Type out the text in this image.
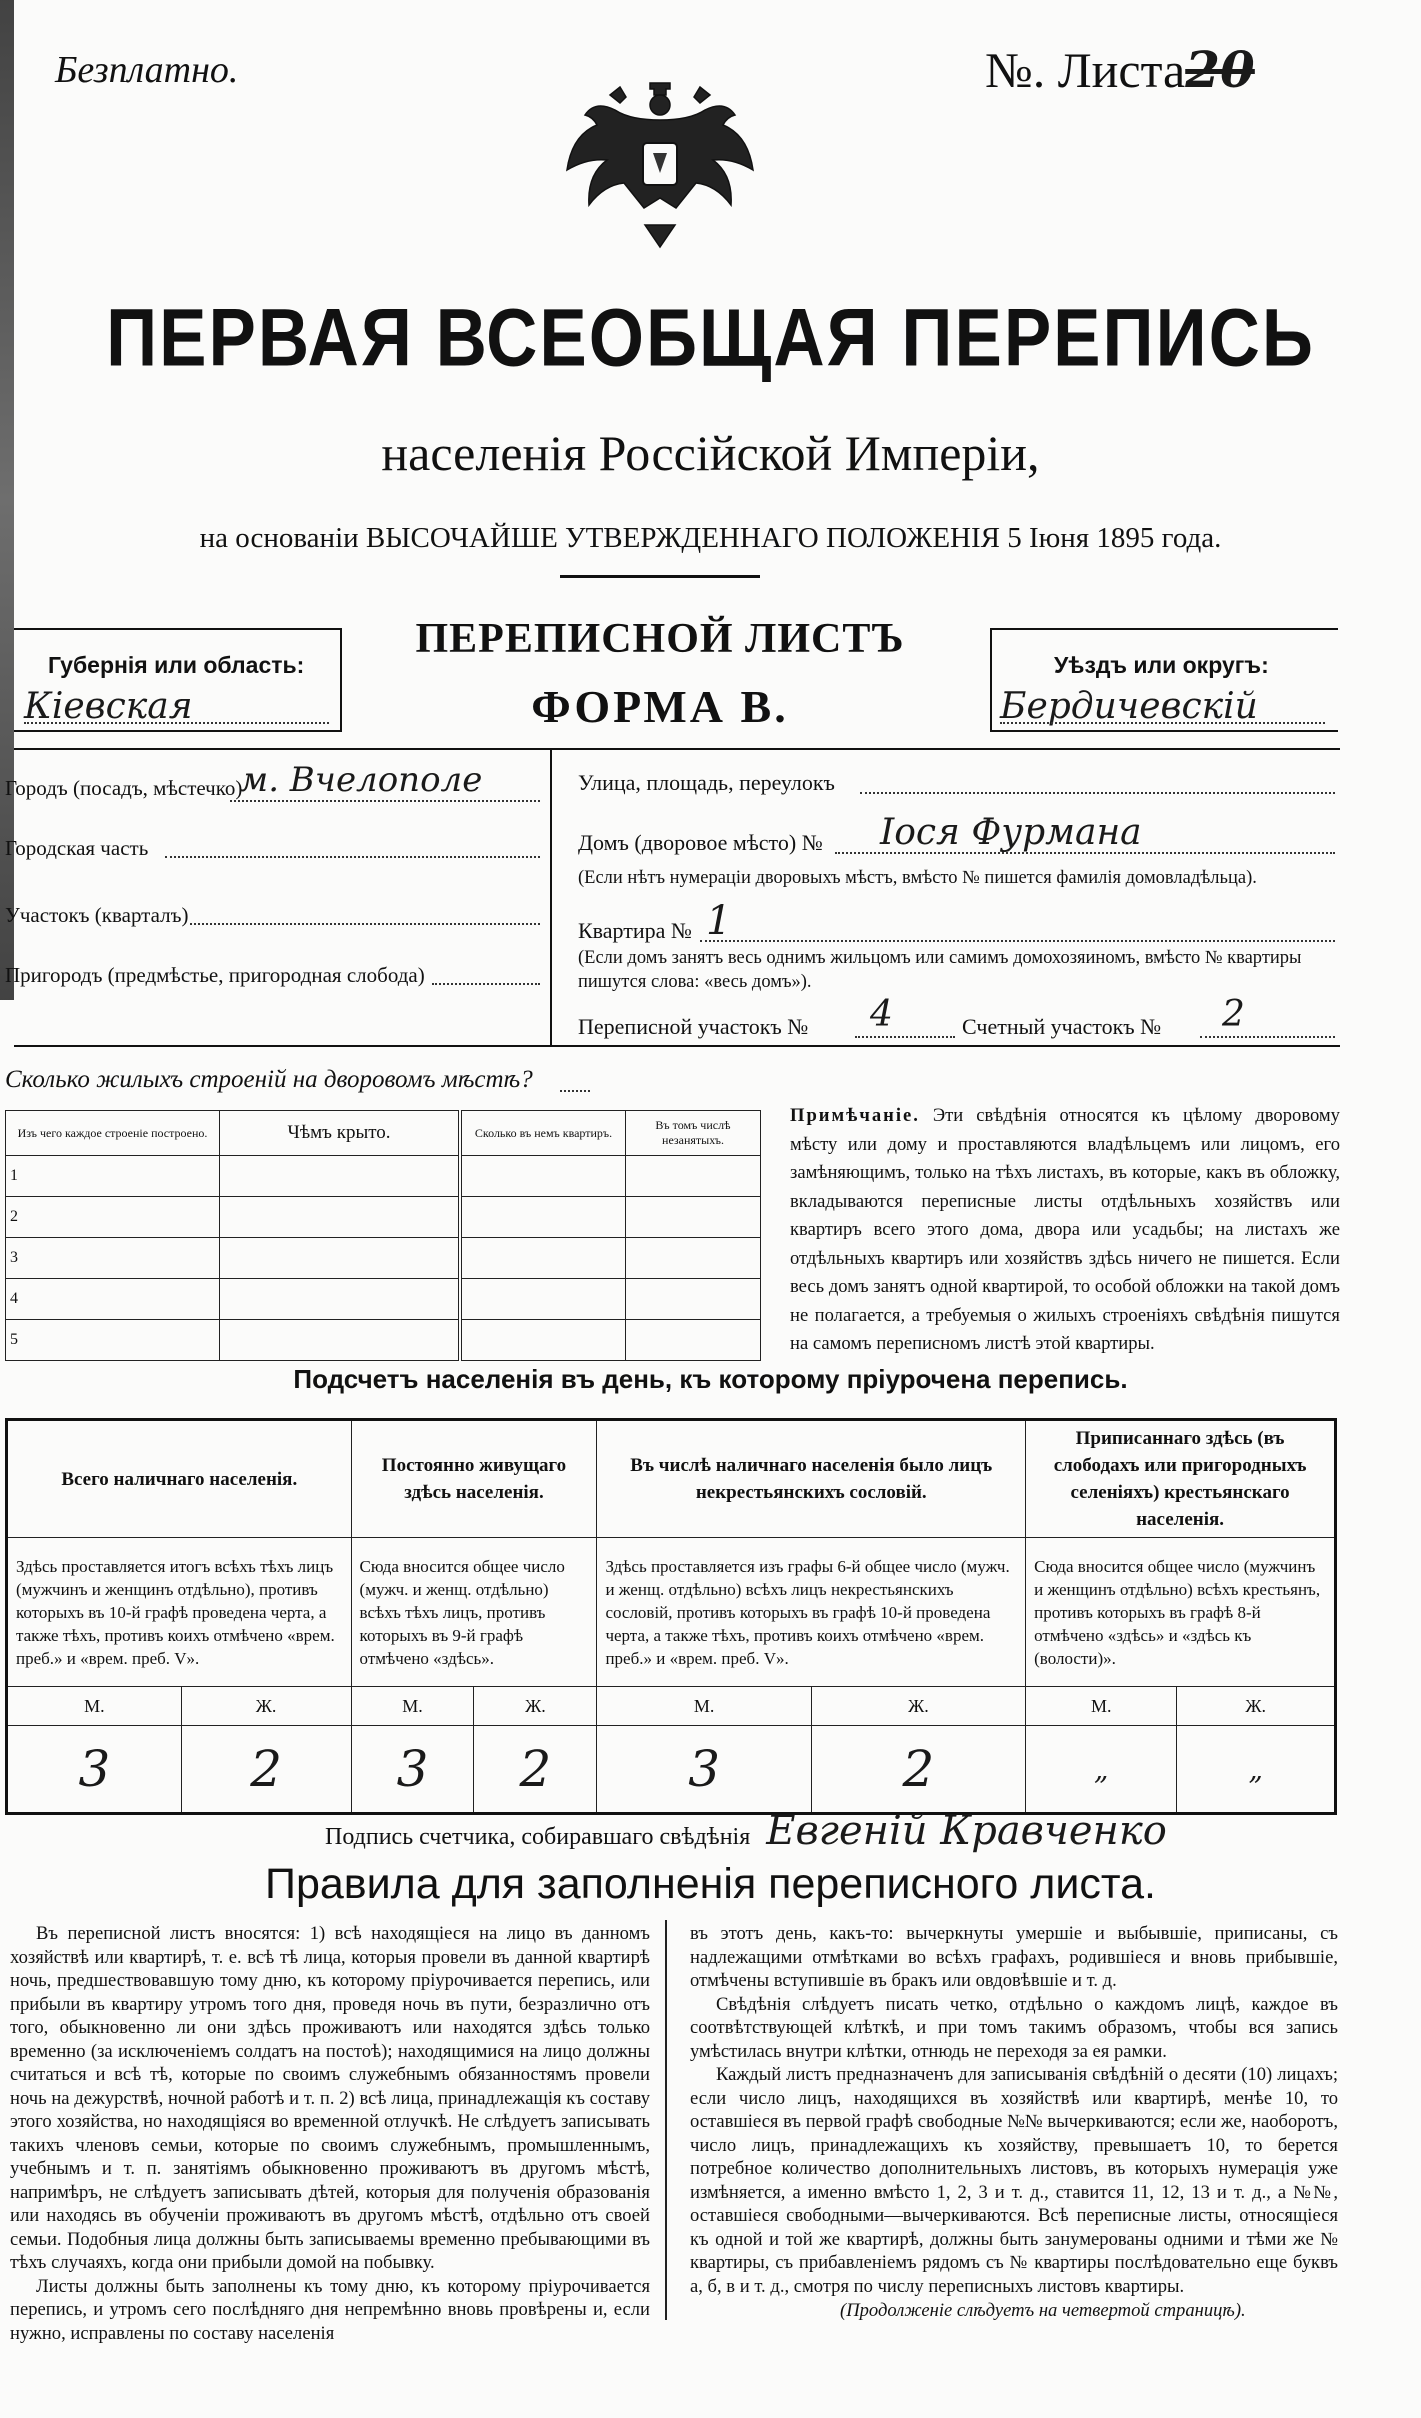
Безплатно.	№. Листа20
ПЕРВАЯ ВСЕОБЩАЯ ПЕРЕПИСЬ
населенія Россійской Имперіи,
на основаніи ВЫСОЧАЙШЕ УТВЕРЖДЕННАГО ПОЛОЖЕНІЯ 5 Іюня 1895 года.
Губернія или область:
Кіевская
ПЕРЕПИСНОЙ ЛИСТЪ
ФОРМА В.
Уѣздъ или округъ:
Бердичевскій
Городъ (посадъ, мѣстечко)
м. Вчелополе
Городская часть
Участокъ (кварталъ)
Пригородъ (предмѣстье, пригородная слобода)
Улица, площадь, переулокъ
Домъ (дворовое мѣсто) № Іося Фурмана
(Если нѣтъ нумераціи дворовыхъ мѣстъ, вмѣсто № пишется фамилія домовладѣльца).
Квартира № 1
(Если домъ занятъ весь однимъ жильцомъ или самимъ домохозяиномъ, вмѣсто № квартиры пишутся слова: «весь домъ»).
Переписной участокъ № 4	Счетный участокъ № 2
Сколько жилыхъ строеній на дворовомъ мѣстѣ?
Изъ чего каждое строеніе построено.	Чѣмъ крыто.	Сколько въ немъ квартиръ.	Въ томъ числѣ незанятыхъ.
1			
2			
3			
4			
5			
Примѣчаніе. Эти свѣдѣнія относятся къ цѣлому дворовому мѣсту или дому и проставляются владѣльцемъ или лицомъ, его замѣняющимъ, только на тѣхъ листахъ, въ которые, какъ въ обложку, вкладываются переписные листы отдѣльныхъ хозяйствъ или квартиръ всего этого дома, двора или усадьбы; на листахъ же отдѣльныхъ квартиръ или хозяйствъ здѣсь ничего не пишется. Если весь домъ занятъ одной квартирой, то особой обложки на такой домъ не полагается, а требуемыя о жилыхъ строеніяхъ свѣдѣнія пишутся на самомъ переписномъ листѣ этой квартиры.
Подсчетъ населенія въ день, къ которому пріурочена перепись.
Всего наличнаго населенія.		Постоянно живущаго здѣсь населенія.		Въ числѣ наличнаго населенія было лицъ некрестьянскихъ сословій.		Приписаннаго здѣсь (въ слободахъ или пригородныхъ селеніяхъ) крестьянскаго населенія.	
Здѣсь проставляется итогъ всѣхъ тѣхъ лицъ (мужчинъ и женщинъ отдѣльно), противъ которыхъ въ 10-й графѣ проведена черта, а также тѣхъ, противъ коихъ отмѣчено «врем. преб.» и «врем. преб. V».		Сюда вносится общее число (мужч. и женщ. отдѣльно) всѣхъ тѣхъ лицъ, противъ которыхъ въ 9-й графѣ отмѣчено «здѣсь».		Здѣсь проставляется изъ графы 6-й общее число (мужч. и женщ. отдѣльно) всѣхъ лицъ некрестьянскихъ сословій, противъ которыхъ въ графѣ 10-й проведена черта, а также тѣхъ, противъ коихъ отмѣчено «врем. преб.» и «врем. преб. V».		Сюда вносится общее число (мужчинъ и женщинъ отдѣльно) всѣхъ крестьянъ, противъ которыхъ въ графѣ 8-й отмѣчено «здѣсь» и «здѣсь къ (волости)».	
М.	Ж.	М.	Ж.	М.	Ж.	М.	Ж.
3	2	3	2	3	2	„	„
Подпись счетчика, собиравшаго свѣдѣнія Евгеній Кравченко
Правила для заполненія переписного листа.

Въ переписной листъ вносятся: 1) всѣ находящіеся на лицо въ данномъ хозяйствѣ или квартирѣ, т. е. всѣ тѣ лица, которыя провели въ данной квартирѣ ночь, предшествовавшую тому дню, къ которому пріурочивается перепись, или прибыли въ квартиру утромъ того дня, проведя ночь въ пути, безразлично отъ того, обыкновенно ли они здѣсь проживаютъ или находятся здѣсь только временно (за исключеніемъ солдатъ на постоѣ); находящимися на лицо должны считаться и всѣ тѣ, которые по своимъ служебнымъ обязанностямъ провели ночь на дежурствѣ, ночной работѣ и т. п. 2) всѣ лица, принадлежащія къ составу этого хозяйства, но находящіяся во временной отлучкѣ. Не слѣдуетъ записывать такихъ членовъ семьи, которые по своимъ служебнымъ, промышленнымъ, учебнымъ и т. п. занятіямъ обыкновенно проживаютъ въ другомъ мѣстѣ, напримѣръ, не слѣдуетъ записывать дѣтей, которыя для полученія образованія или находясь въ обученіи проживаютъ въ другомъ мѣстѣ, отдѣльно отъ своей семьи. Подобныя лица должны быть записываемы временно пребывающими въ тѣхъ случаяхъ, когда они прибыли домой на побывку.

Листы должны быть заполнены къ тому дню, къ которому пріурочивается перепись, и утромъ сего послѣдняго дня непремѣнно вновь провѣрены и, если нужно, исправлены по составу населенія

въ этотъ день, какъ-то: вычеркнуты умершіе и выбывшіе, приписаны, съ надлежащими отмѣтками во всѣхъ графахъ, родившіеся и вновь прибывшіе, отмѣчены вступившіе въ бракъ или овдовѣвшіе и т. д.

Свѣдѣнія слѣдуетъ писать четко, отдѣльно о каждомъ лицѣ, каждое въ соотвѣтствующей клѣткѣ, и при томъ такимъ образомъ, чтобы вся запись умѣстилась внутри клѣтки, отнюдь не переходя за ея рамки.

Каждый листъ предназначенъ для записыванія свѣдѣній о десяти (10) лицахъ; если число лицъ, находящихся въ хозяйствѣ или квартирѣ, менѣе 10, то оставшіеся въ первой графѣ свободные №№ вычеркиваются; если же, наоборотъ, число лицъ, принадлежащихъ къ хозяйству, превышаетъ 10, то берется потребное количество дополнительныхъ листовъ, въ которыхъ нумерація уже измѣняется, а именно вмѣсто 1, 2, 3 и т. д., ставится 11, 12, 13 и т. д., а №№, оставшіеся свободными—вычеркиваются. Всѣ переписные листы, относящіеся къ одной и той же квартирѣ, должны быть занумерованы одними и тѣми же № квартиры, съ прибавленіемъ рядомъ съ № квартиры послѣдовательно еще буквъ а, б, в и т. д., смотря по числу переписныхъ листовъ квартиры.

(Продолженіе слѣдуетъ на четвертой страницѣ).
